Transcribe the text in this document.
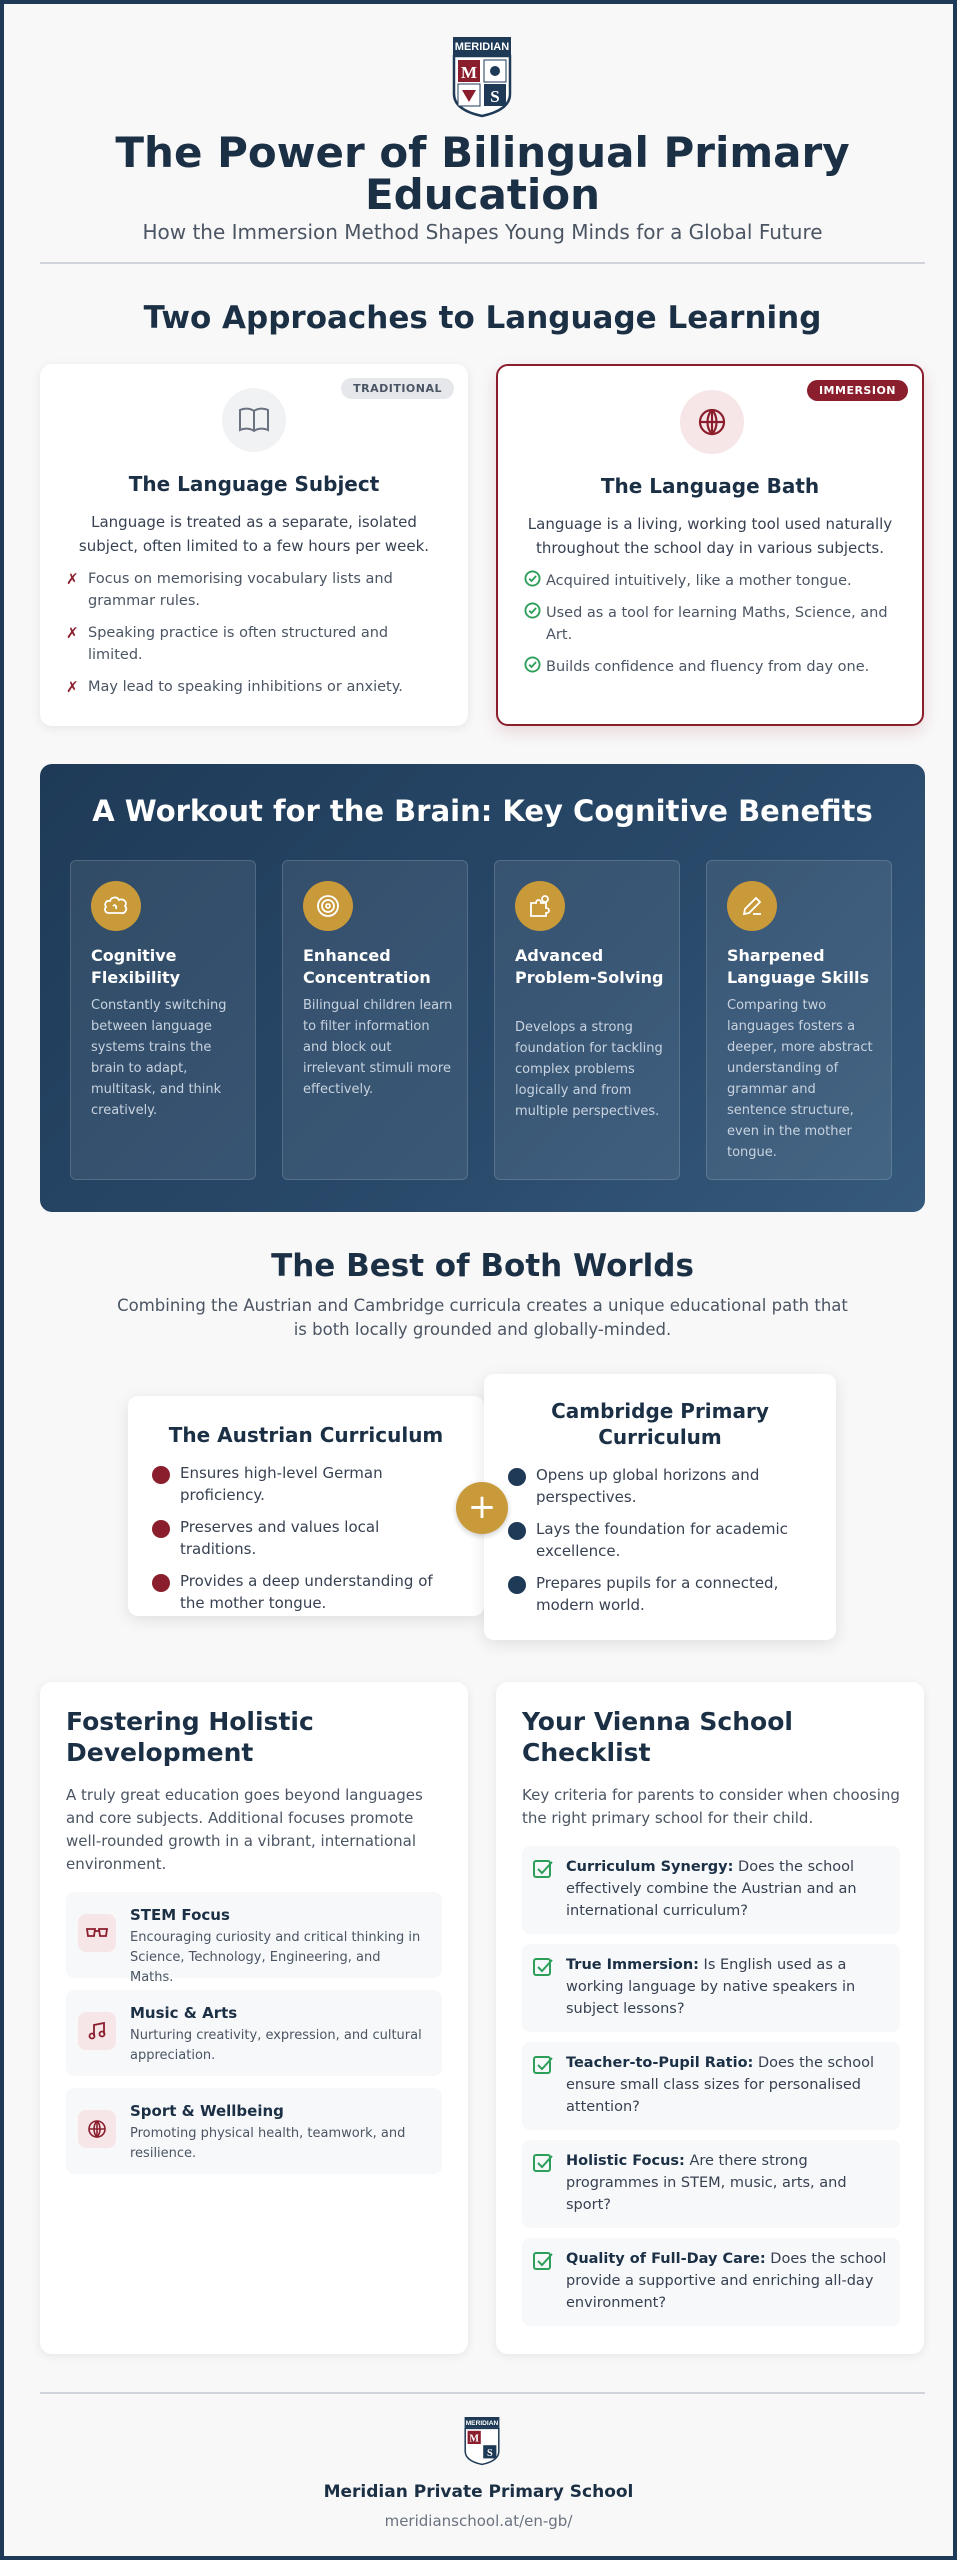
MERIDIAN
M
S
The Power of Bilingual Primary Education
How the Immersion Method Shapes Young Minds for a Global Future
Two Approaches to Language Learning
TRADITIONAL
The Language Subject
Language is treated as a separate, isolated subject, often limited to a few hours per week.
✗ Focus on memorising vocabulary lists and grammar rules.
✗ Speaking practice is often structured and limited.
✗ May lead to speaking inhibitions or anxiety.
IMMERSION
The Language Bath
Language is a living, working tool used naturally throughout the school day in various subjects.
Acquired intuitively, like a mother tongue.
Used as a tool for learning Maths, Science, and Art.
Builds confidence and fluency from day one.
A Workout for the Brain: Key Cognitive Benefits
Cognitive Flexibility
Constantly switching between language systems trains the brain to adapt, multitask, and think creatively.
Enhanced Concentration
Bilingual children learn to filter information and block out irrelevant stimuli more effectively.
Advanced Problem-Solving
Develops a strong foundation for tackling complex problems logically and from multiple perspectives.
Sharpened Language Skills
Comparing two languages fosters a deeper, more abstract understanding of grammar and sentence structure, even in the mother tongue.
The Best of Both Worlds
Combining the Austrian and Cambridge curricula creates a unique educational path that is both locally grounded and globally-minded.
The Austrian Curriculum
Ensures high-level German proficiency.
Preserves and values local traditions.
Provides a deep understanding of the mother tongue.
Cambridge Primary Curriculum
Opens up global horizons and perspectives.
Lays the foundation for academic excellence.
Prepares pupils for a connected, modern world.
+
Fostering Holistic Development
A truly great education goes beyond languages and core subjects. Additional focuses promote well-rounded growth in a vibrant, international environment.
STEM Focus
Encouraging curiosity and critical thinking in Science, Technology, Engineering, and Maths.
Music & Arts
Nurturing creativity, expression, and cultural appreciation.
Sport & Wellbeing
Promoting physical health, teamwork, and resilience.
Your Vienna School Checklist
Key criteria for parents to consider when choosing the right primary school for their child.
Curriculum Synergy: Does the school effectively combine the Austrian and an international curriculum?
True Immersion: Is English used as a working language by native speakers in subject lessons?
Teacher-to-Pupil Ratio: Does the school ensure small class sizes for personalised attention?
Holistic Focus: Are there strong programmes in STEM, music, arts, and sport?
Quality of Full-Day Care: Does the school provide a supportive and enriching all-day environment?
MERIDIAN
M
S
Meridian Private Primary School
meridianschool.at/en-gb/
